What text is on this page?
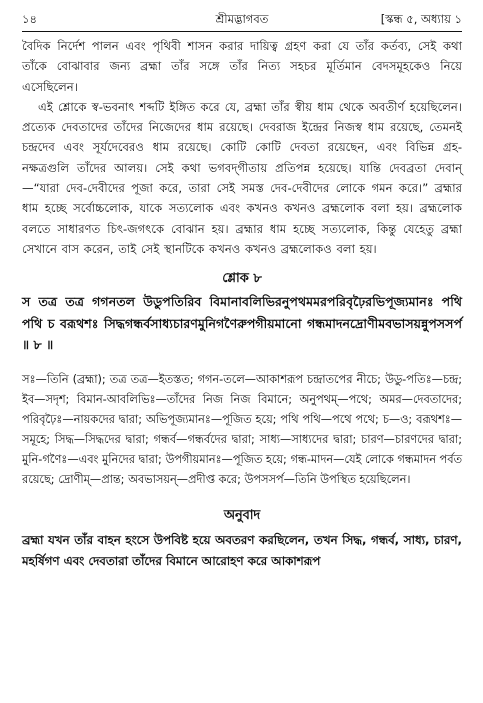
১৪	শ্রীমদ্ভাগবত	[স্কন্ধ ৫, অধ্যায় ১

বৈদিক নির্দেশ পালন এবং পৃথিবী শাসন করার দায়িত্ব গ্রহণ করা যে তাঁর কর্তব্য, সেই কথা তাঁকে বোঝাবার জন্য ব্রহ্মা তাঁর সঙ্গে তাঁর নিত্য সহচর মূর্তিমান বেদসমূহকেও নিয়ে এসেছিলেন।

এই শ্লোকে স্ব-ভবনাৎ শব্দটি ইঙ্গিত করে যে, ব্রহ্মা তাঁর স্বীয় ধাম থেকে অবতীর্ণ হয়েছিলেন। প্রত্যেক দেবতাদের তাঁদের নিজেদের ধাম রয়েছে। দেবরাজ ইন্দ্রের নিজস্ব ধাম রয়েছে, তেমনই চন্দ্রদেব এবং সূর্যদেবেরও ধাম রয়েছে। কোটি কোটি দেবতা রয়েছেন, এবং বিভিন্ন গ্রহ-নক্ষত্রগুলি তাঁদের আলয়। সেই কথা ভগবদ্‌গীতায় প্রতিপন্ন হয়েছে। যান্তি দেবব্রতা দেবান্—“যারা দেব-দেবীদের পূজা করে, তারা সেই সমস্ত দেব-দেবীদের লোকে গমন করে।” ব্রহ্মার ধাম হচ্ছে সর্বোচ্চলোক, যাকে সত্যলোক এবং কখনও কখনও ব্রহ্মলোক বলা হয়। ব্রহ্মলোক বলতে সাধারণত চিৎ-জগৎকে বোঝান হয়। ব্রহ্মার ধাম হচ্ছে সত্যলোক, কিন্তু যেহেতু ব্রহ্মা সেখানে বাস করেন, তাই সেই স্থানটিকে কখনও কখনও ব্রহ্মলোকও বলা হয়।

শ্লোক ৮

স তত্র তত্র গগনতল উডুপতিরিব বিমানাবলিভিরনুপথমমরপরিবৃঢ়ৈরভিপূজ্যমানঃ পথি পথি চ বরূথশঃ সিদ্ধগন্ধর্বসাধ্যচারণমুনিগণৈরুপগীয়মানো গন্ধমাদনদ্রোণীমবভাসয়ন্নুপসসর্প ॥ ৮ ॥

সঃ—তিনি (ব্রহ্মা); তত্র তত্র—ইতস্তত; গগন-তলে—আকাশরূপ চন্দ্রাতপের নীচে; উডু-পতিঃ—চন্দ্র; ইব—সদৃশ; বিমান-আবলিভিঃ—তাঁদের নিজ নিজ বিমানে; অনুপথম্—পথে; অমর—দেবতাদের; পরিবৃঢ়ৈঃ—নায়কদের দ্বারা; অভিপূজ্যমানঃ—পূজিত হয়ে; পথি পথি—পথে পথে; চ—ও; বরূথশঃ—সমূহে; সিদ্ধ—সিদ্ধদের দ্বারা; গন্ধর্ব—গন্ধর্বদের দ্বারা; সাধ্য—সাধ্যদের দ্বারা; চারণ—চারণদের দ্বারা; মুনি-গণৈঃ—এবং মুনিদের দ্বারা; উপগীয়মানঃ—পূজিত হয়ে; গন্ধ-মাদন—যেই লোকে গন্ধমাদন পর্বত রয়েছে; দ্রোণীম্—প্রান্ত; অবভাসয়ন্—প্রদীপ্ত করে; উপসসর্প—তিনি উপস্থিত হয়েছিলেন।

অনুবাদ

ব্রহ্মা যখন তাঁর বাহন হংসে উপবিষ্ট হয়ে অবতরণ করছিলেন, তখন সিদ্ধ, গন্ধর্ব, সাধ্য, চারণ, মহর্ষিগণ এবং দেবতারা তাঁদের বিমানে আরোহণ করে আকাশরূপ
